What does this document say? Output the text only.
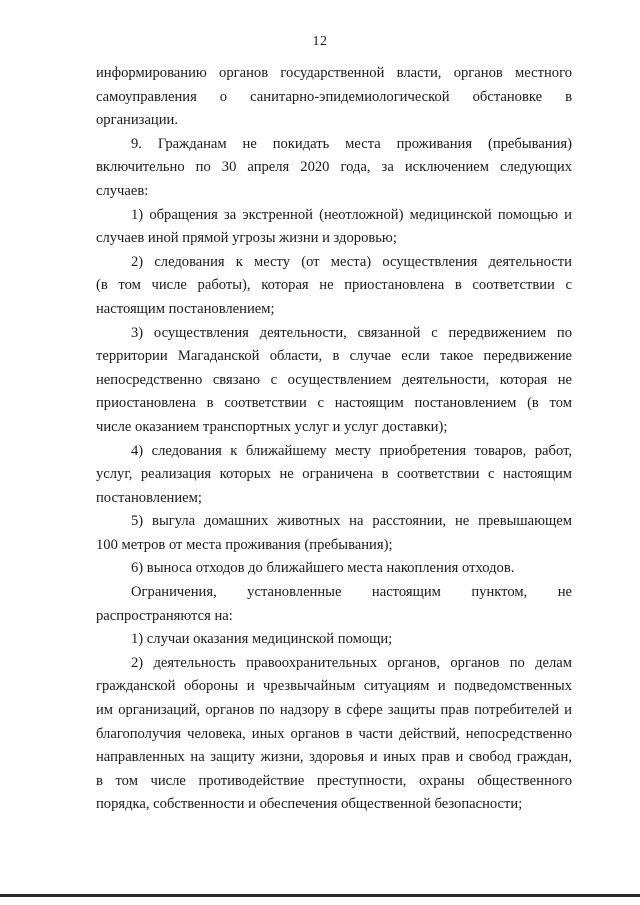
12

информированию органов государственной власти, органов местного
самоуправления о санитарно-эпидемиологической обстановке в
организации.

9. Гражданам не покидать места проживания (пребывания)
включительно по 30 апреля 2020 года, за исключением следующих
случаев:

1) обращения за экстренной (неотложной) медицинской помощью и
случаев иной прямой угрозы жизни и здоровью;

2) следования к месту (от места) осуществления деятельности
(в том числе работы), которая не приостановлена в соответствии с
настоящим постановлением;

3) осуществления деятельности, связанной с передвижением по
территории Магаданской области, в случае если такое передвижение
непосредственно связано с осуществлением деятельности, которая не
приостановлена в соответствии с настоящим постановлением (в том
числе оказанием транспортных услуг и услуг доставки);

4) следования к ближайшему месту приобретения товаров, работ,
услуг, реализация которых не ограничена в соответствии с настоящим
постановлением;

5) выгула домашних животных на расстоянии, не превышающем
100 метров от места проживания (пребывания);

6) выноса отходов до ближайшего места накопления отходов.

Ограничения, установленные настоящим пунктом, не
распространяются на:

1) случаи оказания медицинской помощи;

2) деятельность правоохранительных органов, органов по делам
гражданской обороны и чрезвычайным ситуациям и подведомственных
им организаций, органов по надзору в сфере защиты прав потребителей и
благополучия человека, иных органов в части действий, непосредственно
направленных на защиту жизни, здоровья и иных прав и свобод граждан,
в том числе противодействие преступности, охраны общественного
порядка, собственности и обеспечения общественной безопасности;
